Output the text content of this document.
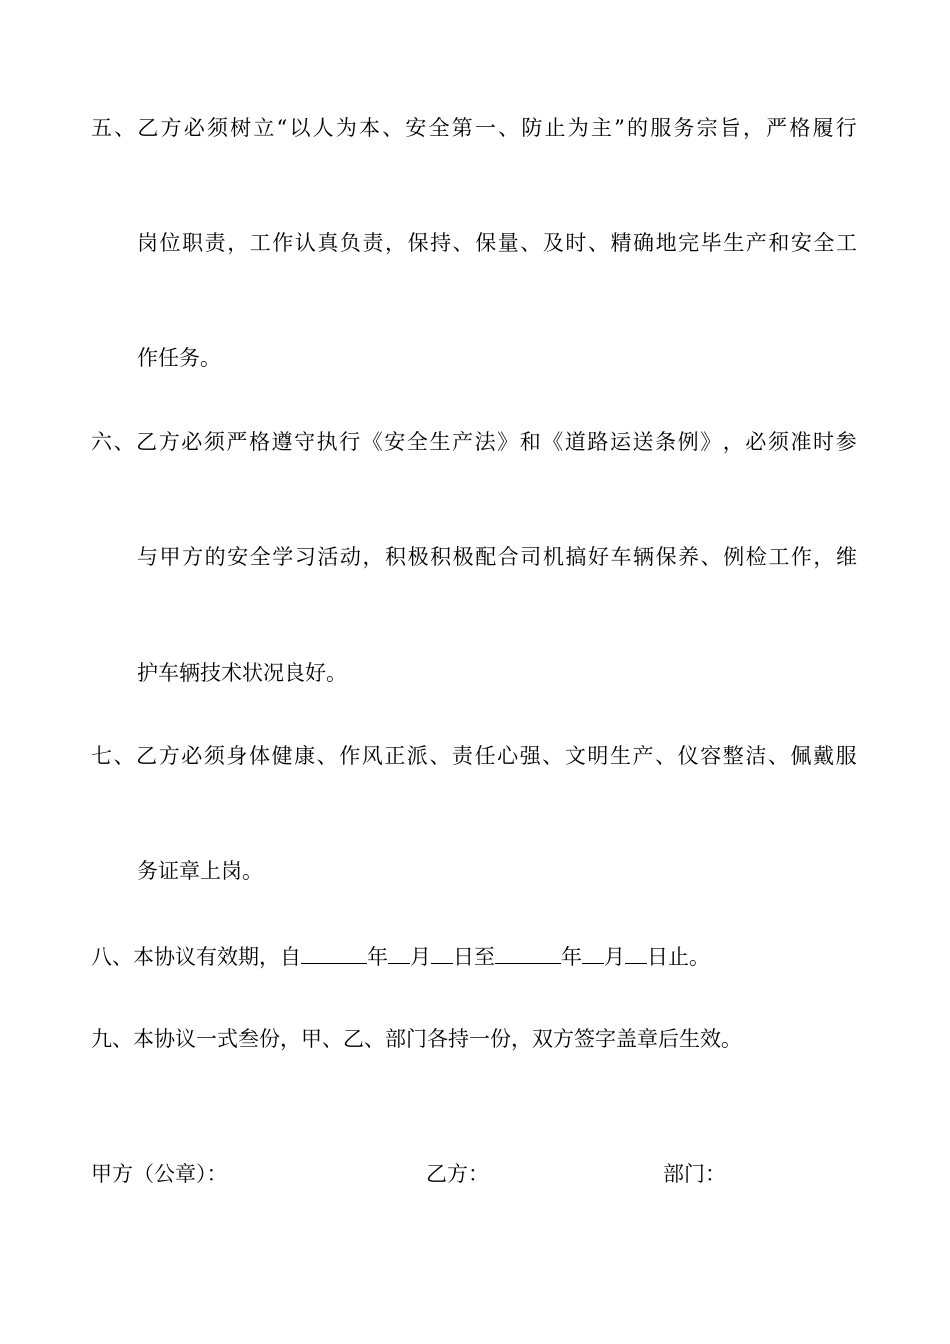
五 、 乙 方 必 须 树 立 “ 以 人 为 本 、 安 全 第 一 、 防 止 为 主 ” 的 服 务 宗 旨 ， 严 格 履 行
岗 位 职 责 ， 工 作 认 真 负 责 ， 保 持 、 保 量 、 及 时 、 精 确 地 完 毕 生 产 和 安 全 工
作任务。
六 、 乙 方 必 须 严 格 遵 守 执 行 《 安 全 生 产 法 》 和 《 道 路 运 送 条 例 》 ， 必 须 准 时 参
与 甲 方 的 安 全 学 习 活 动 ， 积 极 积 极 配 合 司 机 搞 好 车 辆 保 养 、 例 检 工 作 ， 维
护车辆技术状况良好。
七 、 乙 方 必 须 身 体 健 康 、 作 风 正 派 、 责 任 心 强 、 文 明 生 产 、 仪 容 整 洁 、 佩 戴 服
务证章上岗。
八、本协议有效期，自	年 月 日至	年 月 日止。
九、本协议一式叁份，甲、乙、部门各持一份，双方签字盖章后生效。
甲方（公章）：	乙方：	部门：
